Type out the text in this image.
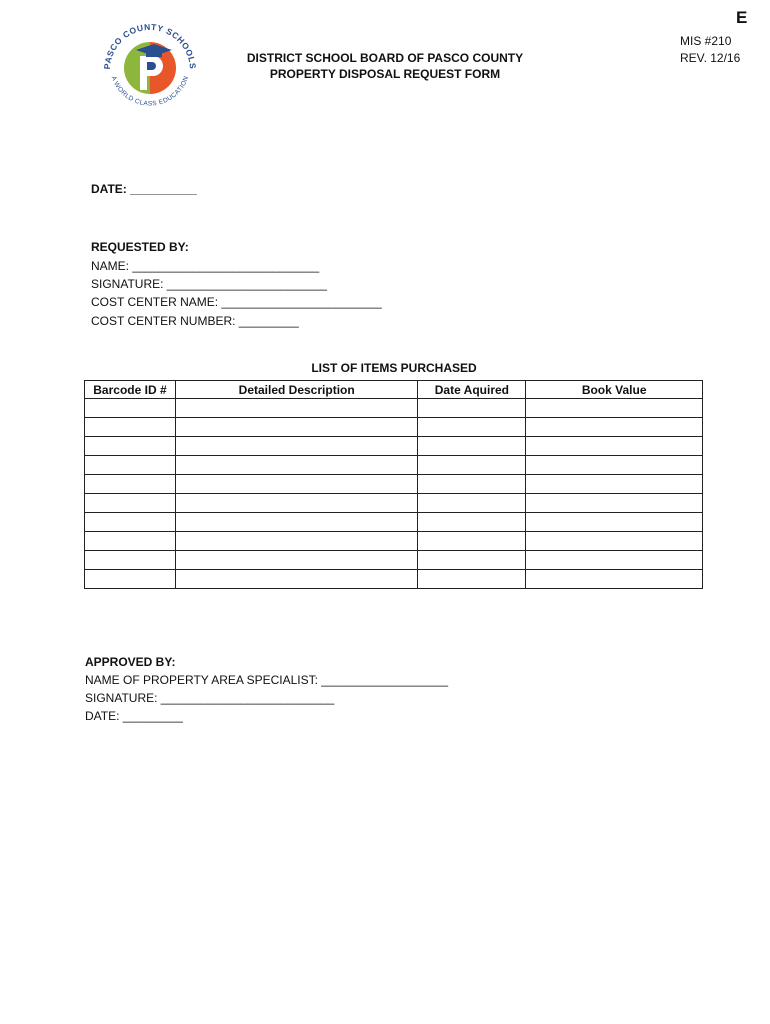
PASCO COUNTY SCHOOLS
A WORLD CLASS EDUCATION
E
MIS #210
REV. 12/16
DISTRICT SCHOOL BOARD OF PASCO COUNTY
PROPERTY DISPOSAL REQUEST FORM
DATE: __________
REQUESTED BY:
NAME: ____________________________
SIGNATURE: ________________________
COST CENTER NAME: ________________________
COST CENTER NUMBER: _________
LIST OF ITEMS PURCHASED
Barcode ID #	Detailed Description	Date Aquired	Book Value

APPROVED BY:
NAME OF PROPERTY AREA SPECIALIST: ___________________
SIGNATURE: __________________________
DATE: _________
